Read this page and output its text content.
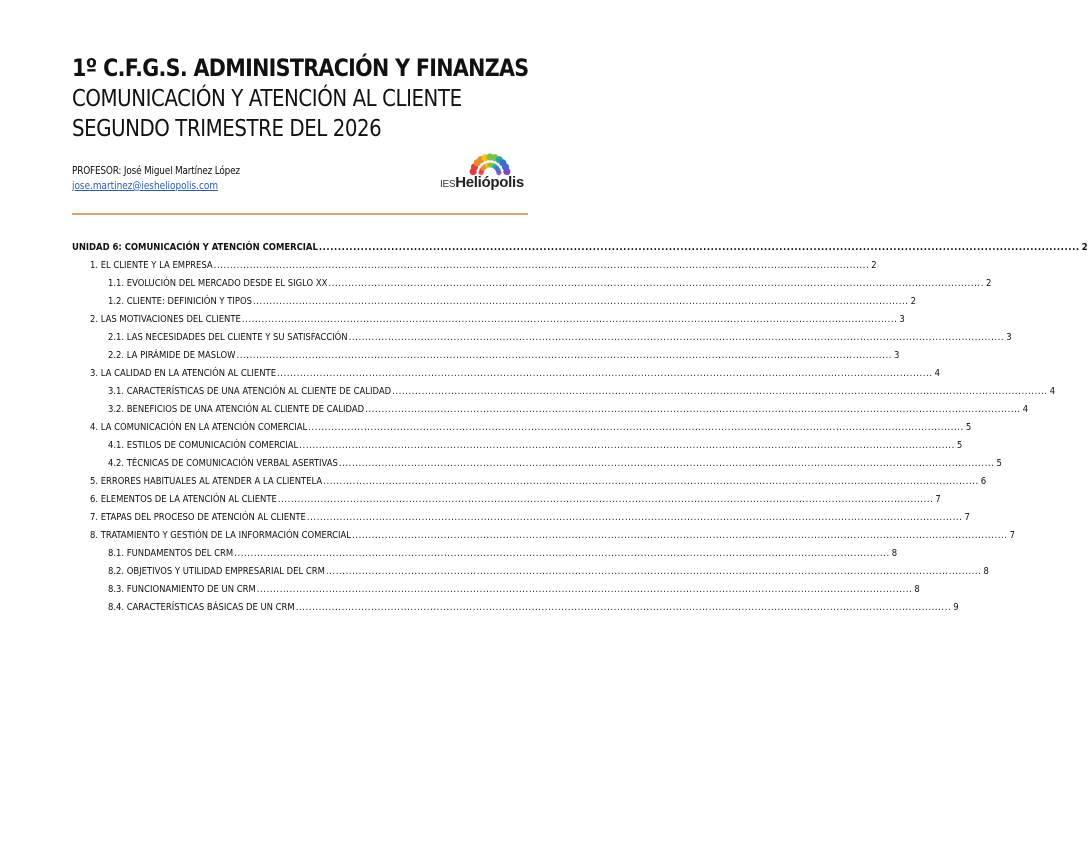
1º C.F.G.S. ADMINISTRACIÓN Y FINANZAS

COMUNICACIÓN Y ATENCIÓN AL CLIENTE

SEGUNDO TRIMESTRE DEL 2026

PROFESOR: José Miguel Martínez López
jose.martinez@iesheliopolis.com	IESHeliópolis
UNIDAD 6: COMUNICACIÓN Y ATENCIÓN COMERCIAL ........................................................................................................................................................................................................ 2
1. EL CLIENTE Y LA EMPRESA ........................................................................................................................................................................................................ 2
1.1. EVOLUCIÓN DEL MERCADO DESDE EL SIGLO XX ........................................................................................................................................................................................................ 2
1.2. CLIENTE: DEFINICIÓN Y TIPOS ........................................................................................................................................................................................................ 2
2. LAS MOTIVACIONES DEL CLIENTE ........................................................................................................................................................................................................ 3
2.1. LAS NECESIDADES DEL CLIENTE Y SU SATISFACCIÓN ........................................................................................................................................................................................................ 3
2.2. LA PIRÁMIDE DE MASLOW ........................................................................................................................................................................................................ 3
3. LA CALIDAD EN LA ATENCIÓN AL CLIENTE ........................................................................................................................................................................................................ 4
3.1. CARACTERÍSTICAS DE UNA ATENCIÓN AL CLIENTE DE CALIDAD ........................................................................................................................................................................................................ 4
3.2. BENEFICIOS DE UNA ATENCIÓN AL CLIENTE DE CALIDAD ........................................................................................................................................................................................................ 4
4. LA COMUNICACIÓN EN LA ATENCIÓN COMERCIAL ........................................................................................................................................................................................................ 5
4.1. ESTILOS DE COMUNICACIÓN COMERCIAL ........................................................................................................................................................................................................ 5
4.2. TÉCNICAS DE COMUNICACIÓN VERBAL ASERTIVAS ........................................................................................................................................................................................................ 5
5. ERRORES HABITUALES AL ATENDER A LA CLIENTELA ........................................................................................................................................................................................................ 6
6. ELEMENTOS DE LA ATENCIÓN AL CLIENTE ........................................................................................................................................................................................................ 7
7. ETAPAS DEL PROCESO DE ATENCIÓN AL CLIENTE ........................................................................................................................................................................................................ 7
8. TRATAMIENTO Y GESTIÓN DE LA INFORMACIÓN COMERCIAL ........................................................................................................................................................................................................ 7
8.1. FUNDAMENTOS DEL CRM ........................................................................................................................................................................................................ 8
8.2. OBJETIVOS Y UTILIDAD EMPRESARIAL DEL CRM ........................................................................................................................................................................................................ 8
8.3. FUNCIONAMIENTO DE UN CRM ........................................................................................................................................................................................................ 8
8.4. CARACTERÍSTICAS BÁSICAS DE UN CRM ........................................................................................................................................................................................................ 9
